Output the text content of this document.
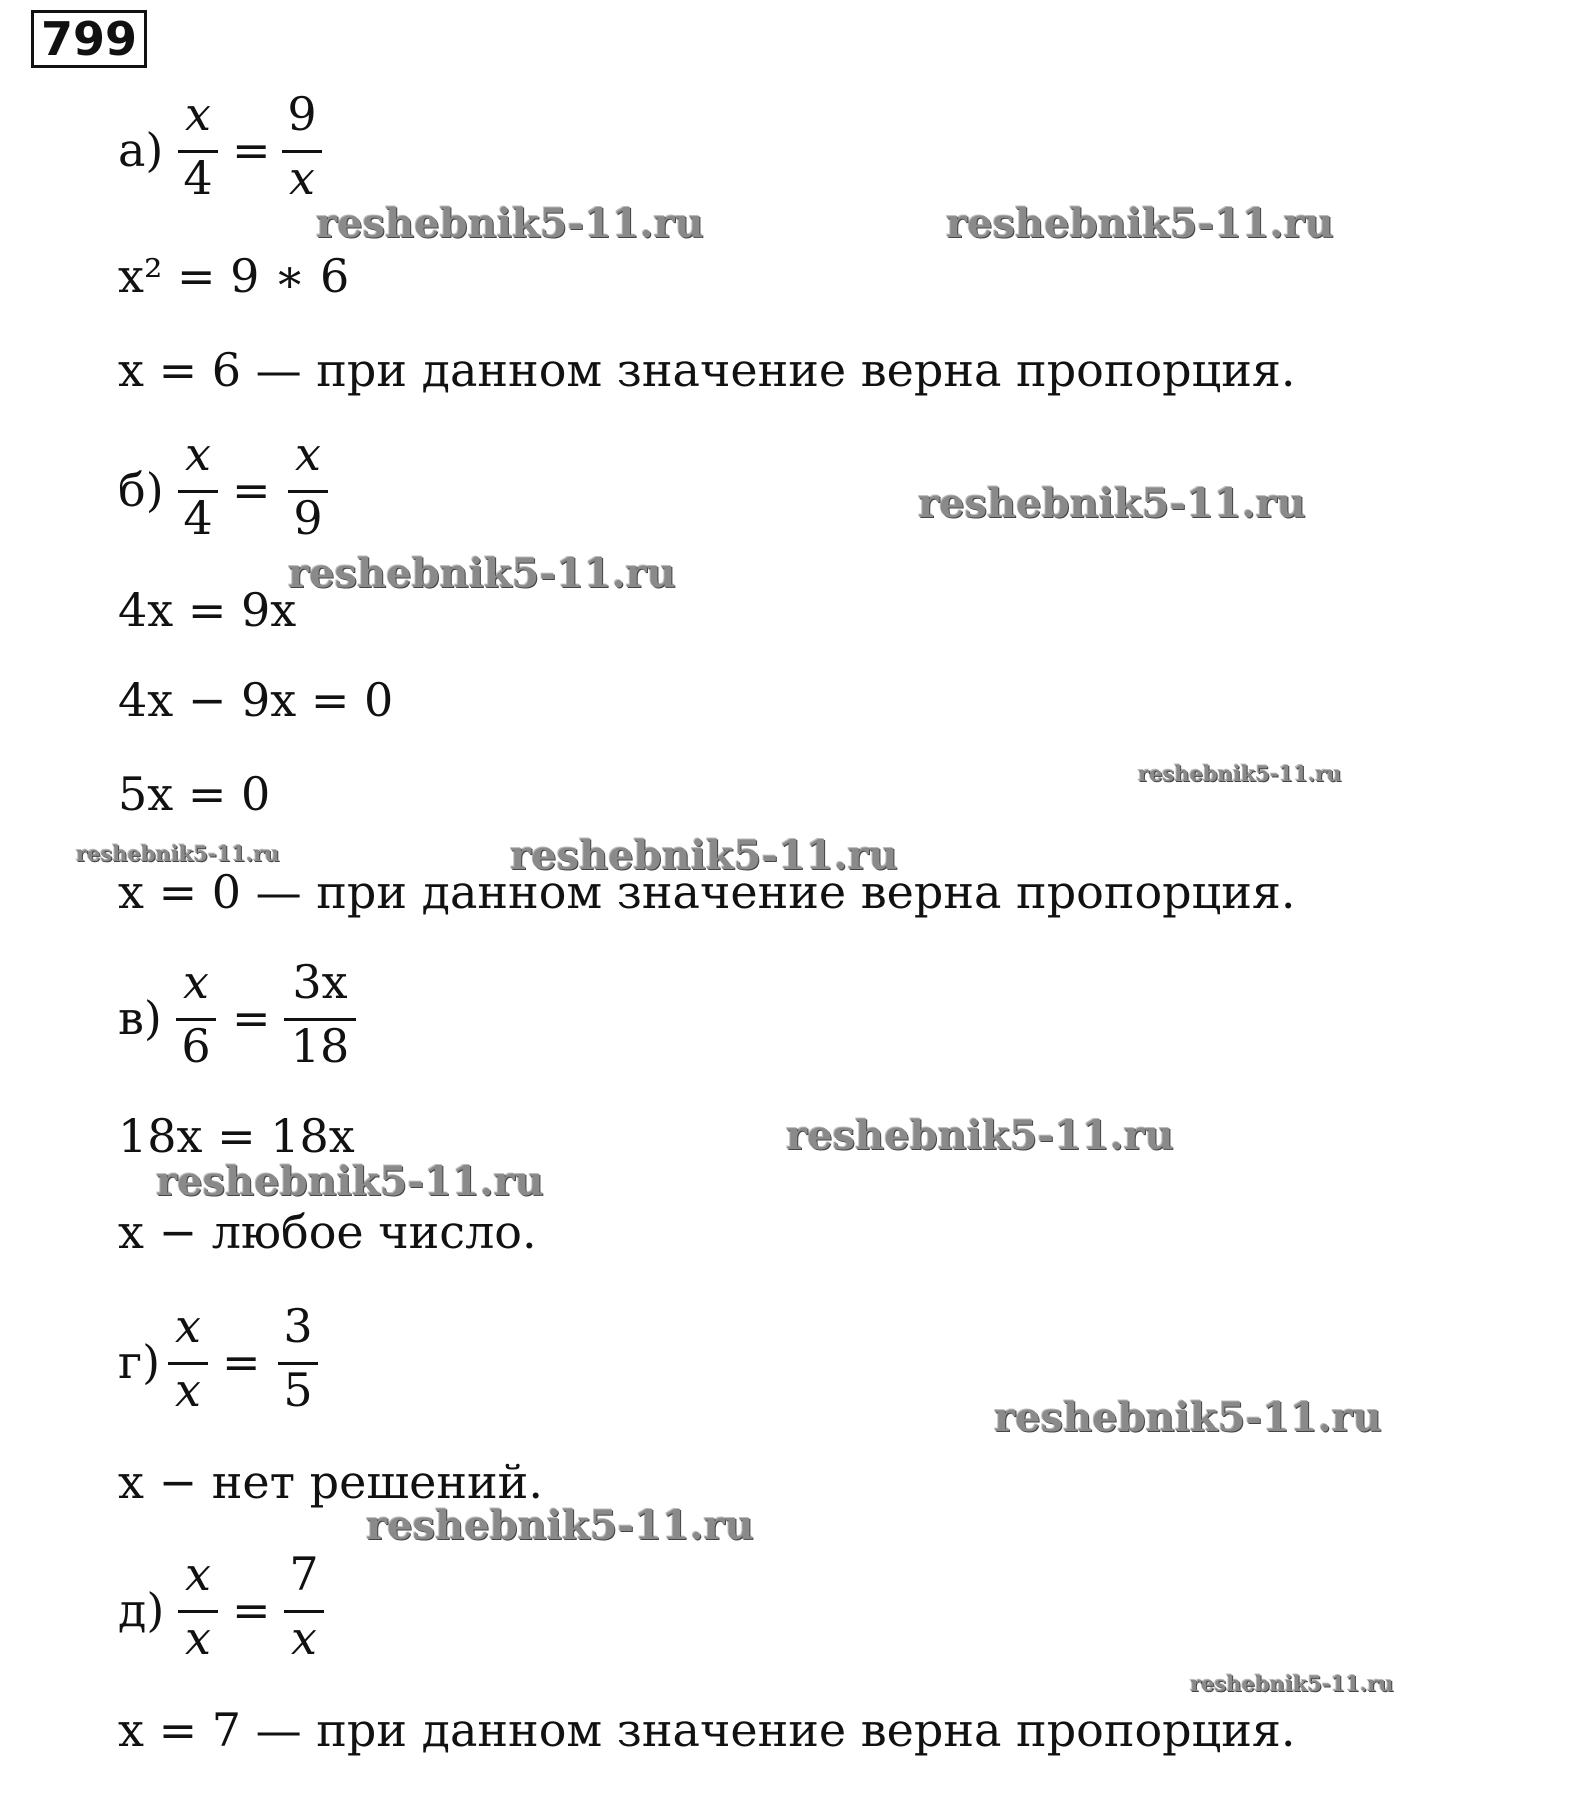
799
а)
x
4
=
9
x
x² = 9 ∗ 6
x = 6 — при данном значение верна пропорция.
б)
x
4
=
x
9
4x = 9x
4x − 9x = 0
5x = 0
x = 0 — при данном значение верна пропорция.
в)
x
6
=
3x
18
18x = 18x
x − любое число.
г)
x
x
=
3
5
x − нет решений.
д)
x
x
=
7
x
x = 7 — при данном значение верна пропорция.
reshebnik5-11.ru	reshebnik5-11.ru
reshebnik5-11.ru
reshebnik5-11.ru
reshebnik5-11.ru
reshebnik5-11.ru	reshebnik5-11.ru
reshebnik5-11.ru
reshebnik5-11.ru
reshebnik5-11.ru
reshebnik5-11.ru
reshebnik5-11.ru
